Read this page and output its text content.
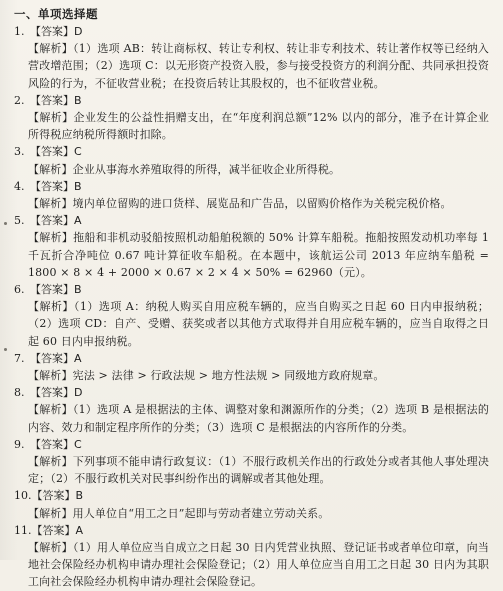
一、单项选择题
1. 【答案】D
【解析】（1）选项 AB：转让商标权、转让专利权、转让非专利技术、转让著作权等已经纳入营改增范围；（2）选项 C：以无形资产投资入股，参与接受投资方的利润分配、共同承担投资风险的行为，不征收营业税；在投资后转让其股权的，也不征收营业税。
2. 【答案】B
【解析】企业发生的公益性捐赠支出，在“年度利润总额”12% 以内的部分，准予在计算企业所得税应纳税所得额时扣除。
3. 【答案】C
【解析】企业从事海水养殖取得的所得，减半征收企业所得税。
4. 【答案】B
【解析】境内单位留购的进口货样、展览品和广告品，以留购价格作为关税完税价格。
5. 【答案】A
【解析】拖船和非机动驳船按照机动船舶税额的 50% 计算车船税。拖船按照发动机功率每 1 千瓦折合净吨位 0.67 吨计算征收车船税。在本题中，该航运公司 2013 年应纳车船税 = 1800 × 8 × 4 + 2000 × 0.67 × 2 × 4 × 50% = 62960（元）。
6. 【答案】B
【解析】（1）选项 A：纳税人购买自用应税车辆的，应当自购买之日起 60 日内申报纳税；（2）选项 CD：自产、受赠、获奖或者以其他方式取得并自用应税车辆的，应当自取得之日起 60 日内申报纳税。
7. 【答案】A
【解析】宪法 > 法律 > 行政法规 > 地方性法规 > 同级地方政府规章。
8. 【答案】D
【解析】（1）选项 A 是根据法的主体、调整对象和渊源所作的分类；（2）选项 B 是根据法的内容、效力和制定程序所作的分类；（3）选项 C 是根据法的内容所作的分类。
9. 【答案】C
【解析】下列事项不能申请行政复议：（1）不服行政机关作出的行政处分或者其他人事处理决定；（2）不服行政机关对民事纠纷作出的调解或者其他处理。
10.【答案】B
【解析】用人单位自“用工之日”起即与劳动者建立劳动关系。
11.【答案】A
【解析】（1）用人单位应当自成立之日起 30 日内凭营业执照、登记证书或者单位印章，向当地社会保险经办机构申请办理社会保险登记；（2）用人单位应当自用工之日起 30 日内为其职工向社会保险经办机构申请办理社会保险登记。
